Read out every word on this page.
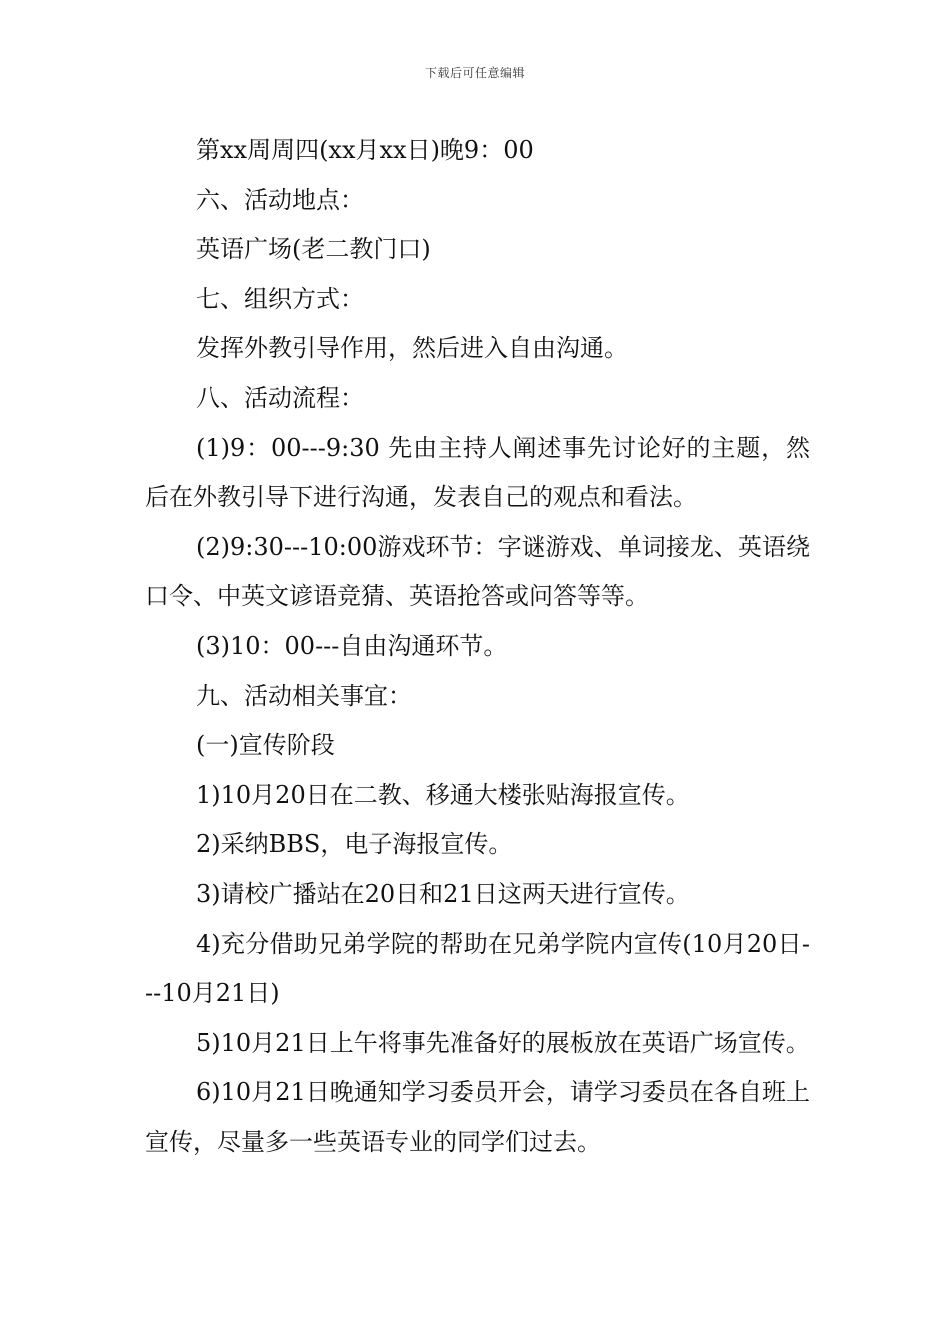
下载后可任意编辑

第xx周周四(xx月xx日)晚9：00

六、活动地点：

英语广场(老二教门口)

七、组织方式：

发挥外教引导作用，然后进入自由沟通。

八、活动流程：

(1)9：00---9:30 先由主持人阐述事先讨论好的主题，然后在外教引导下进行沟通，发表自己的观点和看法。

(2)9:30---10:00游戏环节：字谜游戏、单词接龙、英语绕口令、中英文谚语竞猜、英语抢答或问答等等。

(3)10：00---自由沟通环节。

九、活动相关事宜：

(一)宣传阶段

1)10月20日在二教、移通大楼张贴海报宣传。

2)采纳BBS，电子海报宣传。

3)请校广播站在20日和21日这两天进行宣传。

4)充分借助兄弟学院的帮助在兄弟学院内宣传(10月20日---10月21日)

5)10月21日上午将事先准备好的展板放在英语广场宣传。

6)10月21日晚通知学习委员开会，请学习委员在各自班上宣传，尽量多一些英语专业的同学们过去。
